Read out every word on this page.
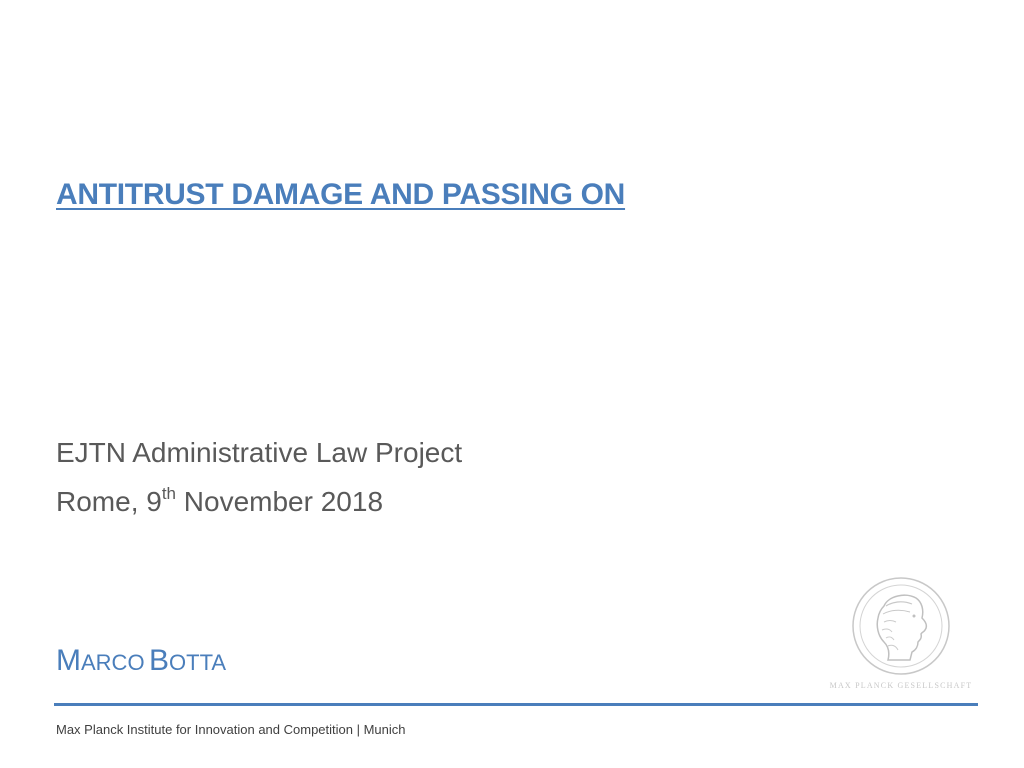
ANTITRUST DAMAGE AND PASSING ON

EJTN Administrative Law Project

Rome, 9th November 2018

MARCO BOTTA

MAX PLANCK GESELLSCHAFT

Max Planck Institute for Innovation and Competition | Munich
